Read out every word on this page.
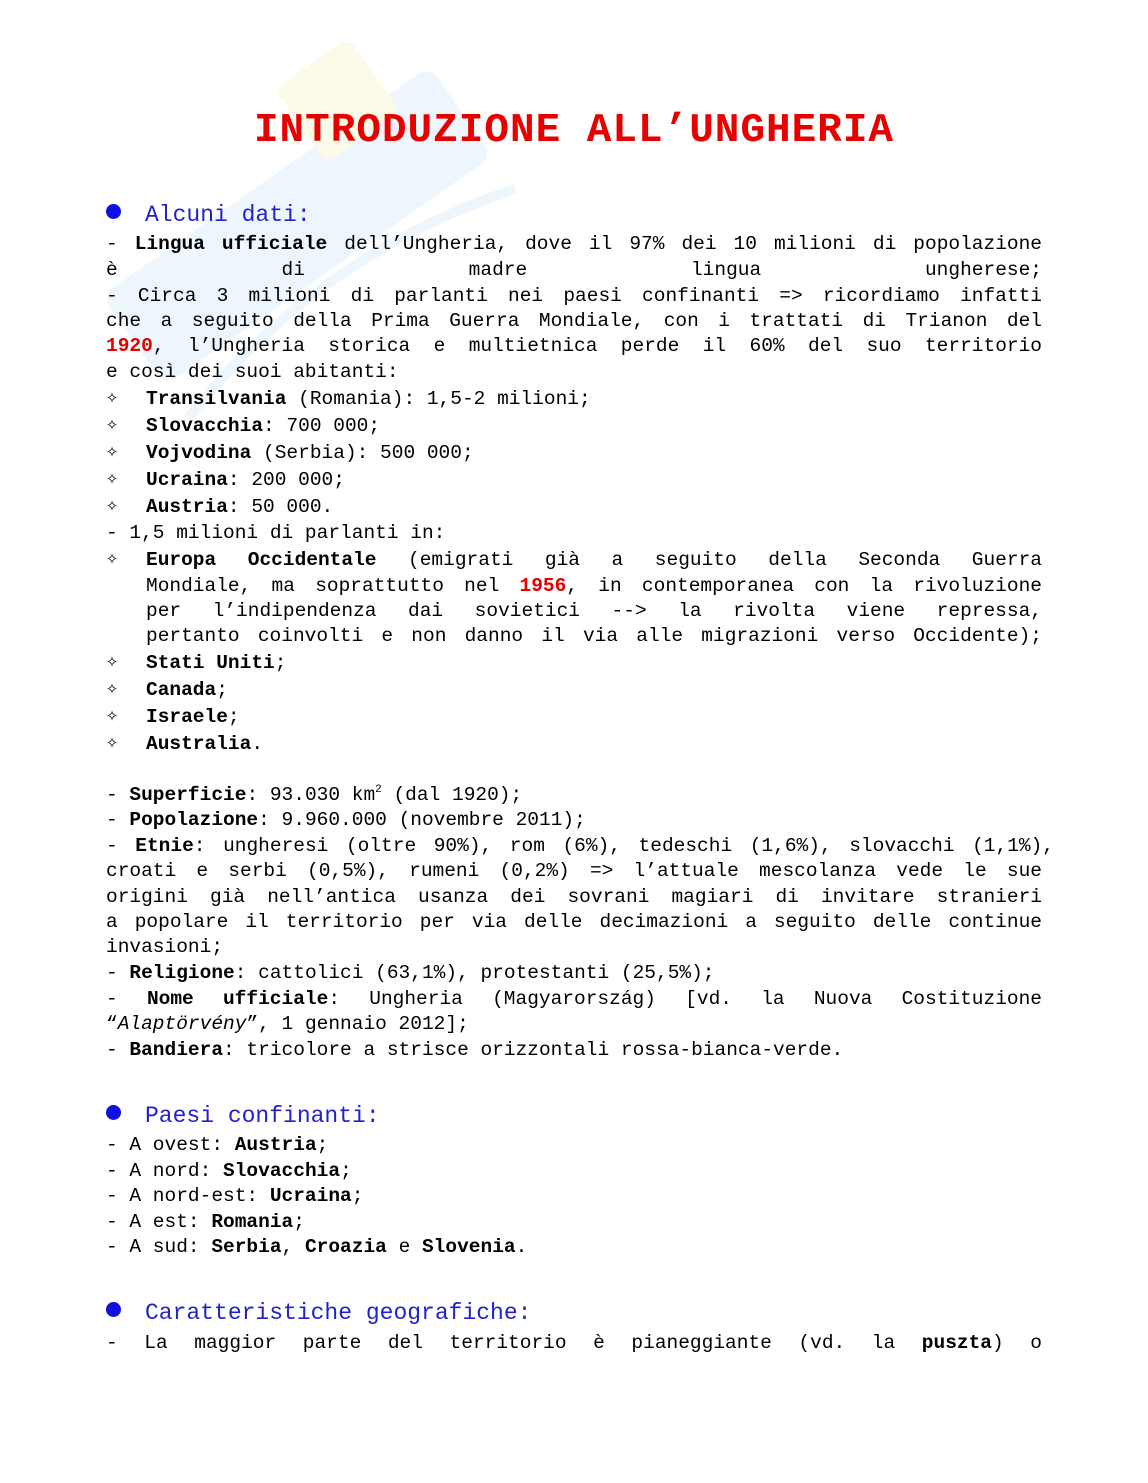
INTRODUZIONE ALL’UNGHERIA
Alcuni dati:
- Lingua ufficiale dell’Ungheria, dove il 97% dei 10 milioni di popolazione
è di madre lingua ungherese;
- Circa 3 milioni di parlanti nei paesi confinanti => ricordiamo infatti
che a seguito della Prima Guerra Mondiale, con i trattati di Trianon del
1920, l’Ungheria storica e multietnica perde il 60% del suo territorio
e così dei suoi abitanti:
✧ Transilvania (Romania): 1,5-2 milioni;
✧ Slovacchia: 700 000;
✧ Vojvodina (Serbia): 500 000;
✧ Ucraina: 200 000;
✧ Austria: 50 000.
- 1,5 milioni di parlanti in:
✧ Europa Occidentale (emigrati già a seguito della Seconda Guerra
Mondiale, ma soprattutto nel 1956, in contemporanea con la rivoluzione
per l’indipendenza dai sovietici --> la rivolta viene repressa,
pertanto coinvolti e non danno il via alle migrazioni verso Occidente);
✧ Stati Uniti;
✧ Canada;
✧ Israele;
✧ Australia.
- Superficie: 93.030 $km^2$ (dal 1920);
- Popolazione: 9.960.000 (novembre 2011);
- Etnie: ungheresi (oltre 90%), rom (6%), tedeschi (1,6%), slovacchi (1,1%),
croati e serbi (0,5%), rumeni (0,2%) => l’attuale mescolanza vede le sue
origini già nell’antica usanza dei sovrani magiari di invitare stranieri
a popolare il territorio per via delle decimazioni a seguito delle continue
invasioni;
- Religione: cattolici (63,1%), protestanti (25,5%);
- Nome ufficiale: Ungheria (Magyarország) [vd. la Nuova Costituzione
“Alaptörvény”, 1 gennaio 2012];
- Bandiera: tricolore a strisce orizzontali rossa-bianca-verde.
Paesi confinanti:
- A ovest: Austria;
- A nord: Slovacchia;
- A nord-est: Ucraina;
- A est: Romania;
- A sud: Serbia, Croazia e Slovenia.
Caratteristiche geografiche:
- La maggior parte del territorio è pianeggiante (vd. la puszta) o
